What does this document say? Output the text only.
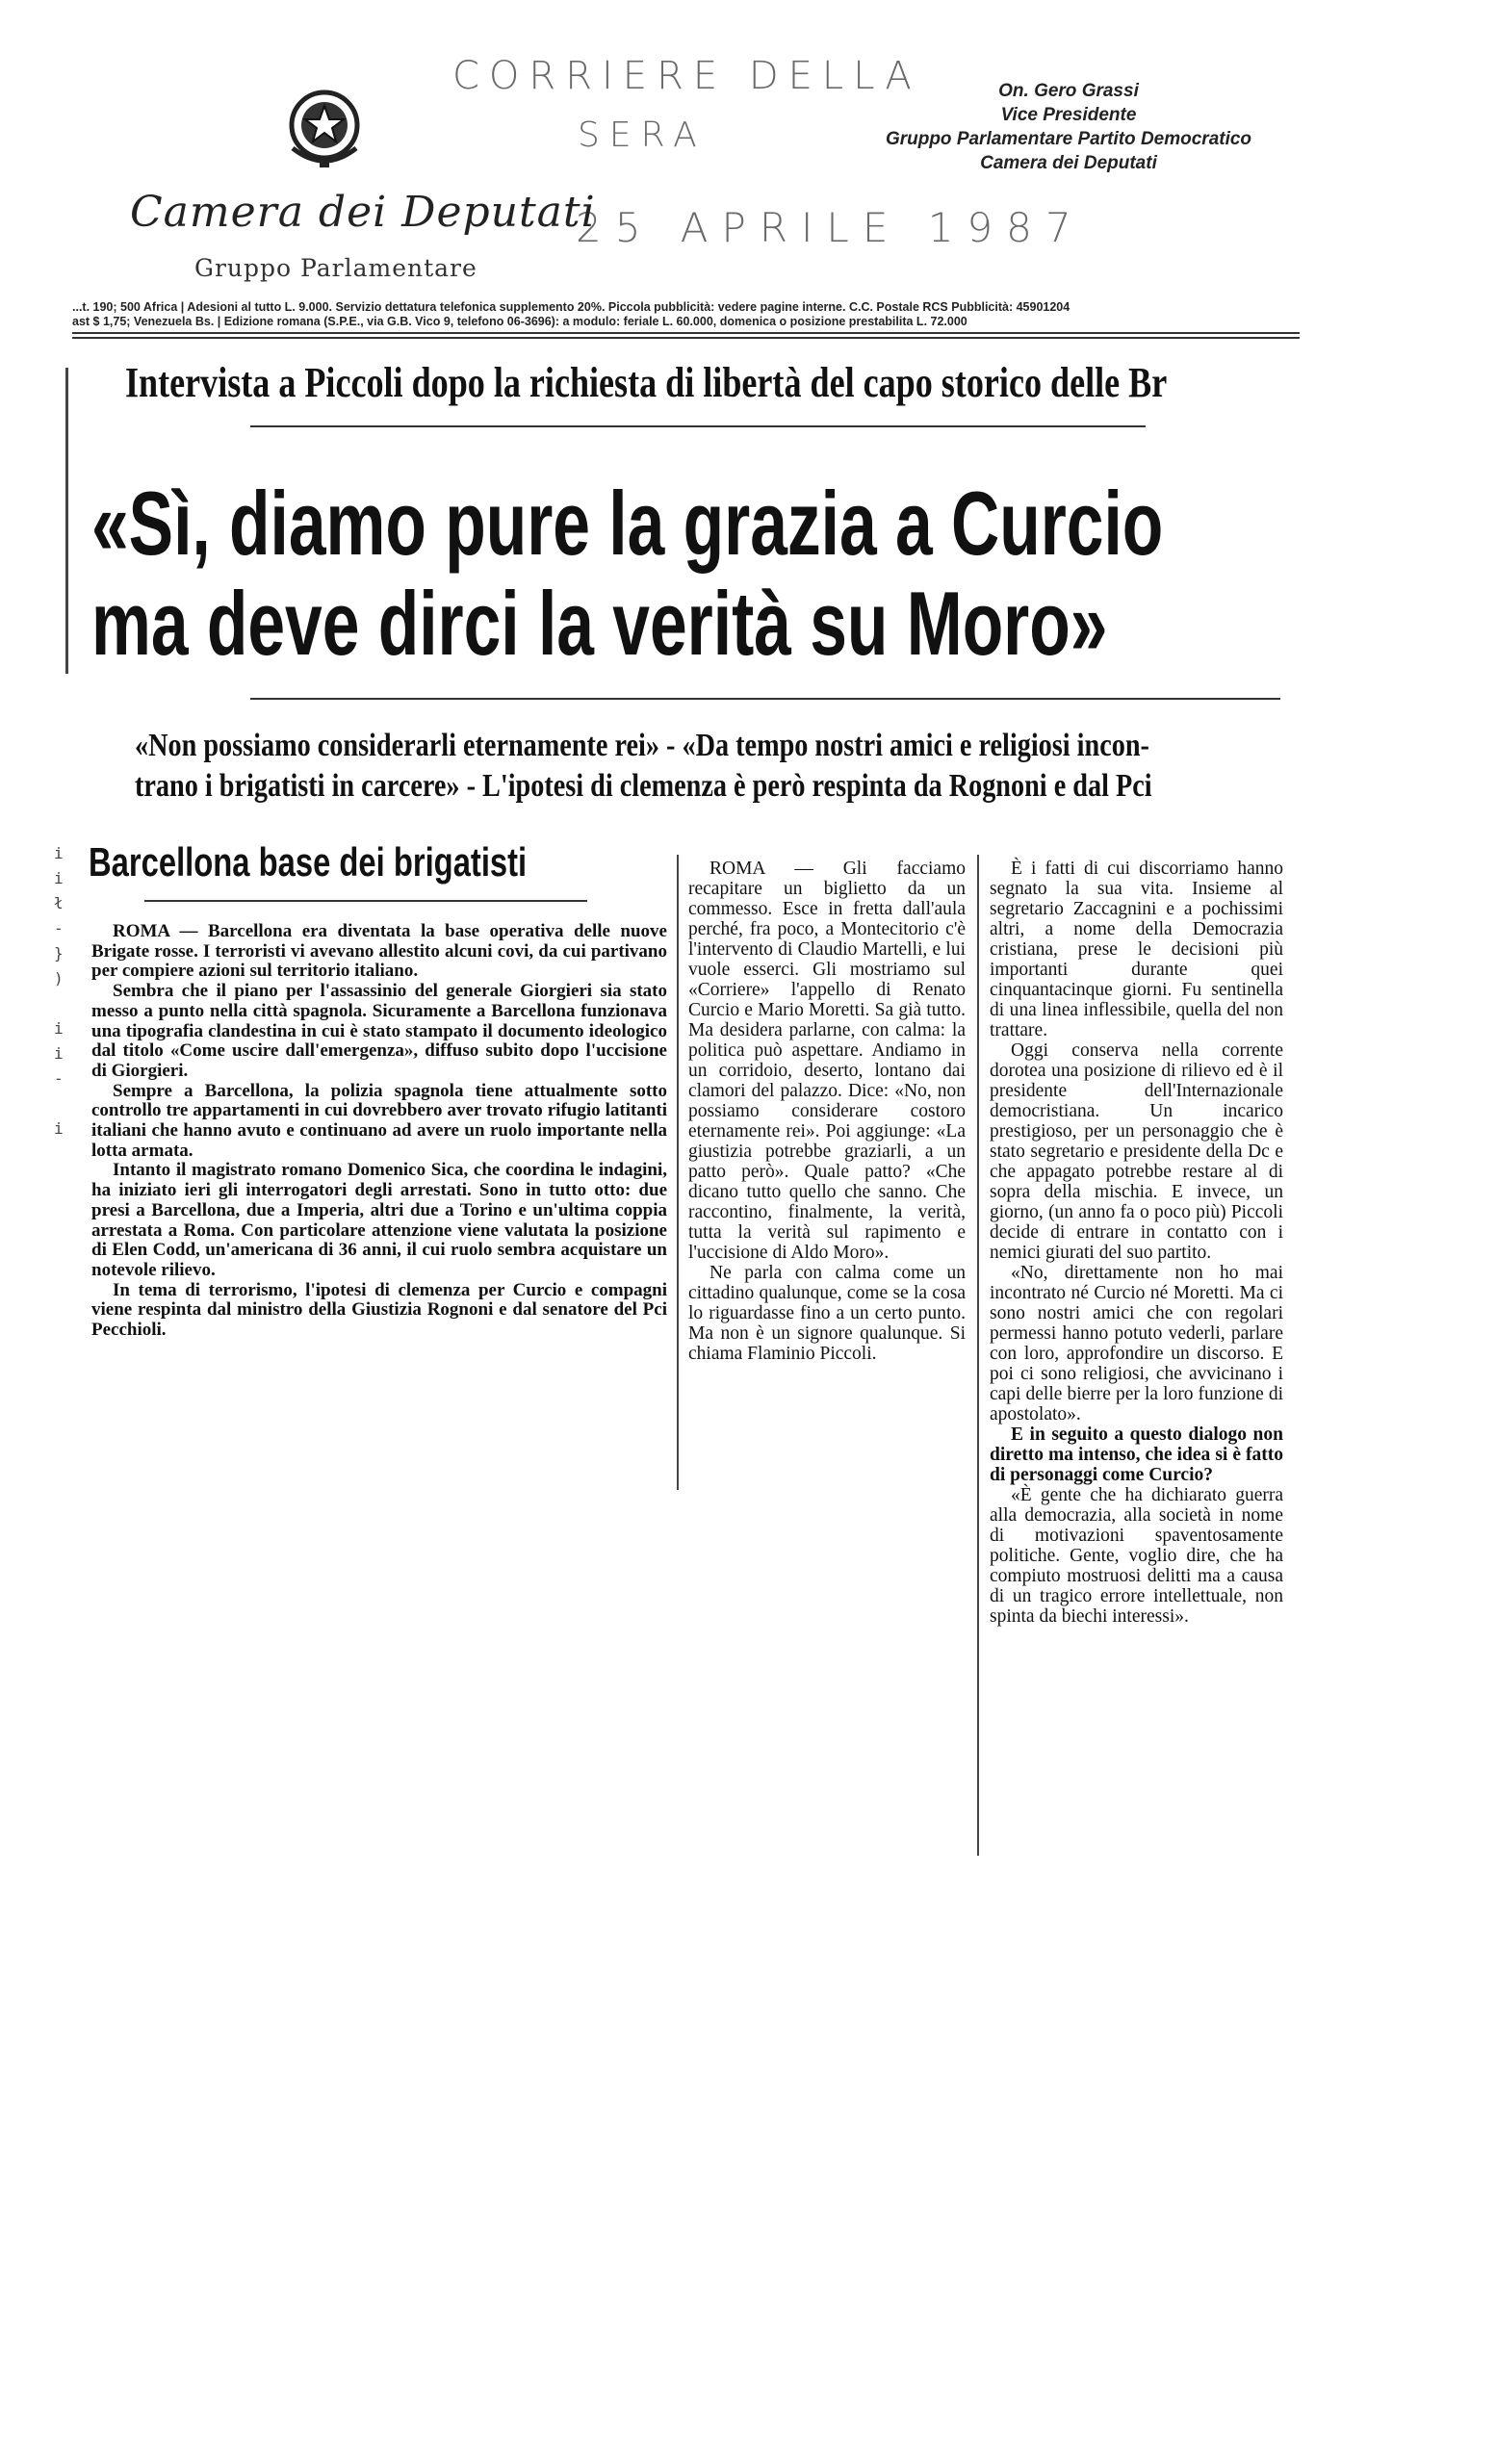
CORRIERE DELLA
SERA
25 APRILE 1987
Camera dei Deputati
Gruppo Parlamentare
On. Gero Grassi
Vice Presidente
Gruppo Parlamentare Partito Democratico
Camera dei Deputati
...t. 190; 500 Africa | Adesioni al tutto L. 9.000. Servizio dettatura telefonica supplemento 20%. Piccola pubblicità: vedere pagine interne. C.C. Postale RCS Pubblicità: 45901204
ast $ 1,75; Venezuela Bs. | Edizione romana (S.P.E., via G.B. Vico 9, telefono 06-3696): a modulo: feriale L. 60.000, domenica o posizione prestabilita L. 72.000
Intervista a Piccoli dopo la richiesta di libertà del capo storico delle Br
«Sì, diamo pure la grazia a Curcio
ma deve dirci la verità su Moro»
«Non possiamo considerarli eternamente rei» - «Da tempo nostri amici e religiosi incon-
trano i brigatisti in carcere» - L'ipotesi di clemenza è però respinta da Rognoni e dal Pci
i
i
ł
-
}
)

i
i
-

i
Barcellona base dei brigatisti

ROMA — Barcellona era diventata la base operativa delle nuove Brigate rosse. I terroristi vi avevano allestito alcuni covi, da cui partivano per compiere azioni sul territorio italiano.

Sembra che il piano per l'assassinio del generale Giorgieri sia stato messo a punto nella città spagnola. Sicuramente a Barcellona funzionava una tipografia clandestina in cui è stato stampato il documento ideologico dal titolo «Come uscire dall'emergenza», diffuso subito dopo l'uccisione di Giorgieri.

Sempre a Barcellona, la polizia spagnola tiene attualmente sotto controllo tre appartamenti in cui dovrebbero aver trovato rifugio latitanti italiani che hanno avuto e continuano ad avere un ruolo importante nella lotta armata.

Intanto il magistrato romano Domenico Sica, che coordina le indagini, ha iniziato ieri gli interrogatori degli arrestati. Sono in tutto otto: due presi a Barcellona, due a Imperia, altri due a Torino e un'ultima coppia arrestata a Roma. Con particolare attenzione viene valutata la posizione di Elen Codd, un'americana di 36 anni, il cui ruolo sembra acquistare un notevole rilievo.

In tema di terrorismo, l'ipotesi di clemenza per Curcio e compagni viene respinta dal ministro della Giustizia Rognoni e dal senatore del Pci Pecchioli.

ROMA — Gli facciamo recapitare un biglietto da un commesso. Esce in fretta dall'aula perché, fra poco, a Montecitorio c'è l'intervento di Claudio Martelli, e lui vuole esserci. Gli mostriamo sul «Corriere» l'appello di Renato Curcio e Mario Moretti. Sa già tutto. Ma desidera parlarne, con calma: la politica può aspettare. Andiamo in un corridoio, deserto, lontano dai clamori del palazzo. Dice: «No, non possiamo considerare costoro eternamente rei». Poi aggiunge: «La giustizia potrebbe graziarli, a un patto però». Quale patto? «Che dicano tutto quello che sanno. Che raccontino, finalmente, la verità, tutta la verità sul rapimento e l'uccisione di Aldo Moro».

Ne parla con calma come un cittadino qualunque, come se la cosa lo riguardasse fino a un certo punto. Ma non è un signore qualunque. Si chiama Flaminio Piccoli.

È i fatti di cui discorriamo hanno segnato la sua vita. Insieme al segretario Zaccagnini e a pochissimi altri, a nome della Democrazia cristiana, prese le decisioni più importanti durante quei cinquantacinque giorni. Fu sentinella di una linea inflessibile, quella del non trattare.

Oggi conserva nella corrente dorotea una posizione di rilievo ed è il presidente dell'Internazionale democristiana. Un incarico prestigioso, per un personaggio che è stato segretario e presidente della Dc e che appagato potrebbe restare al di sopra della mischia. E invece, un giorno, (un anno fa o poco più) Piccoli decide di entrare in contatto con i nemici giurati del suo partito.

«No, direttamente non ho mai incontrato né Curcio né Moretti. Ma ci sono nostri amici che con regolari permessi hanno potuto vederli, parlare con loro, approfondire un discorso. E poi ci sono religiosi, che avvicinano i capi delle bierre per la loro funzione di apostolato».

E in seguito a questo dialogo non diretto ma intenso, che idea si è fatto di personaggi come Curcio?

«È gente che ha dichiarato guerra alla democrazia, alla società in nome di motivazioni spaventosamente politiche. Gente, voglio dire, che ha compiuto mostruosi delitti ma a causa di un tragico errore intellettuale, non spinta da biechi interessi».
